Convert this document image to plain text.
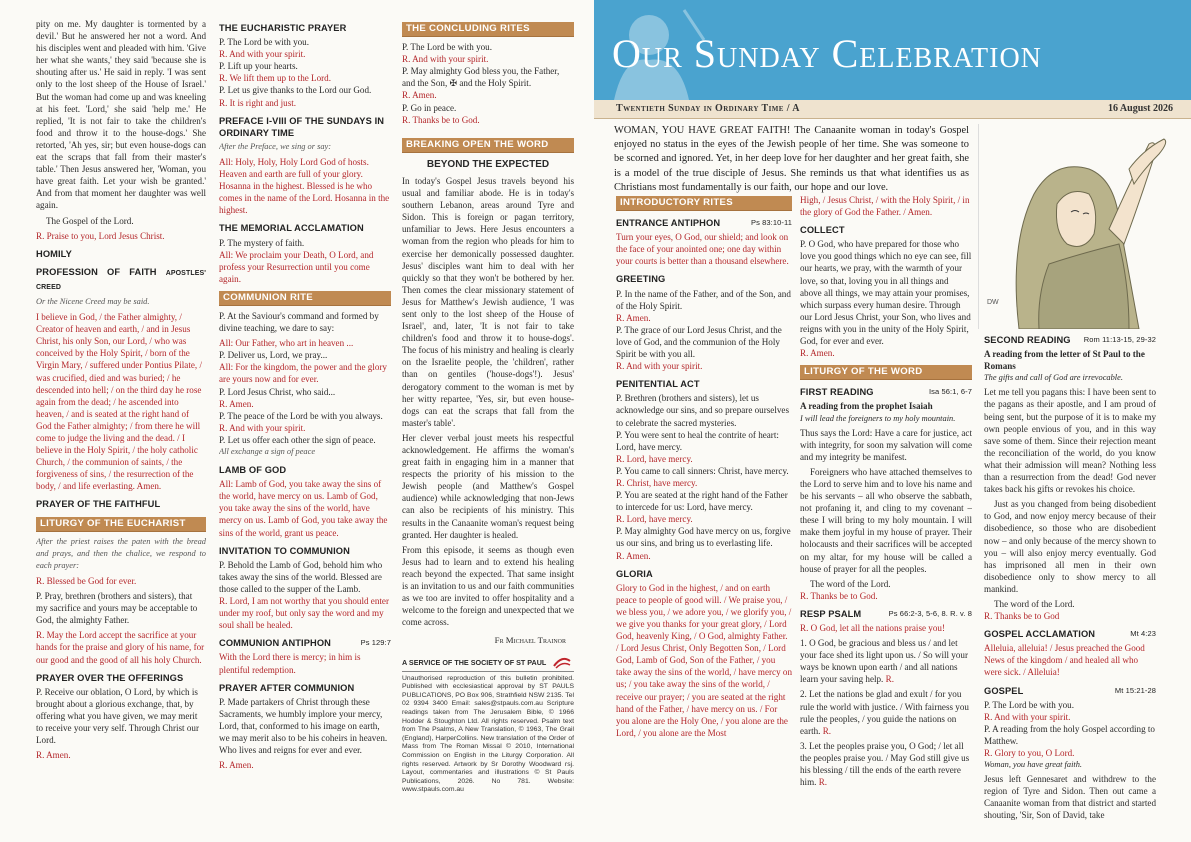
pity on me. My daughter is tormented by a devil.' But he answered her not a word. And his disciples went and pleaded with him. 'Give her what she wants,' they said 'because she is shouting after us.' He said in reply. 'I was sent only to the lost sheep of the House of Israel.' But the woman had come up and was kneeling at his feet. 'Lord,' she said 'help me.' He replied, 'It is not fair to take the children's food and throw it to the house-dogs.' She retorted, 'Ah yes, sir; but even house-dogs can eat the scraps that fall from their master's table.' Then Jesus answered her, 'Woman, you have great faith. Let your wish be granted.' And from that moment her daughter was well again.

The Gospel of the Lord.

R. Praise to you, Lord Jesus Christ.

HOMILY
PROFESSION OF FAITH APOSTLES' CREED

Or the Nicene Creed may be said.

I believe in God, / the Father almighty, / Creator of heaven and earth, / and in Jesus Christ, his only Son, our Lord, / who was conceived by the Holy Spirit, / born of the Virgin Mary, / suffered under Pontius Pilate, / was crucified, died and was buried; / he descended into hell; / on the third day he rose again from the dead; / he ascended into heaven, / and is seated at the right hand of God the Father almighty; / from there he will come to judge the living and the dead. / I believe in the Holy Spirit, / the holy catholic Church, / the communion of saints, / the forgiveness of sins, / the resurrection of the body, / and life everlasting. Amen.

PRAYER OF THE FAITHFUL
LITURGY OF THE EUCHARIST

After the priest raises the paten with the bread and prays, and then the chalice, we respond to each prayer:

R. Blessed be God for ever.

P. Pray, brethren (brothers and sisters), that my sacrifice and yours may be acceptable to God, the almighty Father.

R. May the Lord accept the sacrifice at your hands for the praise and glory of his name, for our good and the good of all his holy Church.

PRAYER OVER THE OFFERINGS

P. Receive our oblation, O Lord, by which is brought about a glorious exchange, that, by offering what you have given, we may merit to receive your very self. Through Christ our Lord.

R. Amen.

THE EUCHARISTIC PRAYER

P. The Lord be with you.

R. And with your spirit.

P. Lift up your hearts.

R. We lift them up to the Lord.

P. Let us give thanks to the Lord our God.

R. It is right and just.

PREFACE I-VIII OF THE SUNDAYS IN ORDINARY TIME

After the Preface, we sing or say:

All: Holy, Holy, Holy Lord God of hosts. Heaven and earth are full of your glory. Hosanna in the highest. Blessed is he who comes in the name of the Lord. Hosanna in the highest.

THE MEMORIAL ACCLAMATION

P. The mystery of faith.

All: We proclaim your Death, O Lord, and profess your Resurrection until you come again.

COMMUNION RITE

P. At the Saviour's command and formed by divine teaching, we dare to say:

All: Our Father, who art in heaven ...

P. Deliver us, Lord, we pray...

All: For the kingdom, the power and the glory are yours now and for ever.

P. Lord Jesus Christ, who said...

R. Amen.

P. The peace of the Lord be with you always.

R. And with your spirit.

P. Let us offer each other the sign of peace.

All exchange a sign of peace

LAMB OF GOD

All: Lamb of God, you take away the sins of the world, have mercy on us. Lamb of God, you take away the sins of the world, have mercy on us. Lamb of God, you take away the sins of the world, grant us peace.

INVITATION TO COMMUNION

P. Behold the Lamb of God, behold him who takes away the sins of the world. Blessed are those called to the supper of the Lamb.

R. Lord, I am not worthy that you should enter under my roof, but only say the word and my soul shall be healed.

Ps 129:7
COMMUNION ANTIPHON

With the Lord there is mercy; in him is plentiful redemption.

PRAYER AFTER COMMUNION

P. Made partakers of Christ through these Sacraments, we humbly implore your mercy, Lord, that, conformed to his image on earth, we may merit also to be his coheirs in heaven. Who lives and reigns for ever and ever.

R. Amen.

THE CONCLUDING RITES

P. The Lord be with you.

R. And with your spirit.

P. May almighty God bless you, the Father, and the Son, ✠ and the Holy Spirit.

R. Amen.

P. Go in peace.

R. Thanks be to God.

BREAKING OPEN THE WORD
BEYOND THE EXPECTED

In today's Gospel Jesus travels beyond his usual and familiar abode. He is in today's southern Lebanon, areas around Tyre and Sidon. This is foreign or pagan territory, unfamiliar to Jews. Here Jesus encounters a woman from the region who pleads for him to exercise her demonically possessed daughter. Jesus' disciples want him to deal with her quickly so that they won't be bothered by her. Then comes the clear missionary statement of Jesus for Matthew's Jewish audience, 'I was sent only to the lost sheep of the House of Israel', and, later, 'It is not fair to take children's food and throw it to house-dogs'. The focus of his ministry and healing is clearly on the Israelite people, the 'children', rather than on gentiles ('house-dogs'!). Jesus' derogatory comment to the woman is met by her witty repartee, 'Yes, sir, but even house-dogs can eat the scraps that fall from the master's table'.

Her clever verbal joust meets his respectful acknowledgement. He affirms the woman's great faith in engaging him in a manner that respects the priority of his mission to the Jewish people (and Matthew's Gospel audience) while acknowledging that non-Jews can also be recipients of his ministry. This results in the Canaanite woman's request being granted. Her daughter is healed.

From this episode, it seems as though even Jesus had to learn and to extend his healing reach beyond the expected. That same insight is an invitation to us and our faith communities as we too are invited to offer hospitality and a welcome to the foreign and unexpected that we come across.

Fr Michael Trainor
A SERVICE OF THE SOCIETY OF ST PAUL
Unauthorised reproduction of this bulletin prohibited. Published with ecclesiastical approval by ST PAULS PUBLICATIONS, PO Box 906, Strathfield NSW 2135. Tel 02 9394 3400 Email: sales@stpauls.com.au Scripture readings taken from The Jerusalem Bible, © 1966 Hodder & Stoughton Ltd. All rights reserved. Psalm text from The Psalms, A New Translation, © 1963, The Grail (England), HarperCollins. New translation of the Order of Mass from The Roman Missal © 2010, International Commission on English in the Liturgy Corporation. All rights reserved. Artwork by Sr Dorothy Woodward rsj. Layout, commentaries and illustrations © St Pauls Publications, 2026. No 781. Website: www.stpauls.com.au
Our Sunday Celebration
Twentieth Sunday in Ordinary Time / A	16 August 2026
WOMAN, YOU HAVE GREAT FAITH! The Canaanite woman in today's Gospel enjoyed no status in the eyes of the Jewish people of her time. She was someone to be scorned and ignored. Yet, in her deep love for her daughter and her great faith, she is a model of the true disciple of Jesus. She reminds us that what identifies us as Christians most fundamentally is our faith, our hope and our love.
DW
INTRODUCTORY RITES
Ps 83:10-11
ENTRANCE ANTIPHON

Turn your eyes, O God, our shield; and look on the face of your anointed one; one day within your courts is better than a thousand elsewhere.

GREETING

P. In the name of the Father, and of the Son, and of the Holy Spirit.

R. Amen.

P. The grace of our Lord Jesus Christ, and the love of God, and the communion of the Holy Spirit be with you all.

R. And with your spirit.

PENITENTIAL ACT

P. Brethren (brothers and sisters), let us acknowledge our sins, and so prepare ourselves to celebrate the sacred mysteries.

P. You were sent to heal the contrite of heart: Lord, have mercy.

R. Lord, have mercy.

P. You came to call sinners: Christ, have mercy.

R. Christ, have mercy.

P. You are seated at the right hand of the Father to intercede for us: Lord, have mercy.

R. Lord, have mercy.

P. May almighty God have mercy on us, forgive us our sins, and bring us to everlasting life.

R. Amen.

GLORIA

Glory to God in the highest, / and on earth peace to people of good will. / We praise you, / we bless you, / we adore you, / we glorify you, / we give you thanks for your great glory, / Lord God, heavenly King, / O God, almighty Father. / Lord Jesus Christ, Only Begotten Son, / Lord God, Lamb of God, Son of the Father, / you take away the sins of the world, / have mercy on us; / you take away the sins of the world, / receive our prayer; / you are seated at the right hand of the Father, / have mercy on us. / For you alone are the Holy One, / you alone are the Lord, / you alone are the Most

High, / Jesus Christ, / with the Holy Spirit, / in the glory of God the Father. / Amen.

COLLECT

P. O God, who have prepared for those who love you good things which no eye can see, fill our hearts, we pray, with the warmth of your love, so that, loving you in all things and above all things, we may attain your promises, which surpass every human desire. Through our Lord Jesus Christ, your Son, who lives and reigns with you in the unity of the Holy Spirit, God, for ever and ever.

R. Amen.

LITURGY OF THE WORD
Isa 56:1, 6-7
FIRST READING

A reading from the prophet Isaiah

I will lead the foreigners to my holy mountain.

Thus says the Lord: Have a care for justice, act with integrity, for soon my salvation will come and my integrity be manifest.

Foreigners who have attached themselves to the Lord to serve him and to love his name and be his servants – all who observe the sabbath, not profaning it, and cling to my covenant – these I will bring to my holy mountain. I will make them joyful in my house of prayer. Their holocausts and their sacrifices will be accepted on my altar, for my house will be called a house of prayer for all the peoples.

The word of the Lord.

R. Thanks be to God.

Ps 66:2-3, 5-6, 8. R. v. 8
RESP PSALM

R. O God, let all the nations praise you!

1. O God, be gracious and bless us / and let your face shed its light upon us. / So will your ways be known upon earth / and all nations learn your saving help. R.

2. Let the nations be glad and exult / for you rule the world with justice. / With fairness you rule the peoples, / you guide the nations on earth. R.

3. Let the peoples praise you, O God; / let all the peoples praise you. / May God still give us his blessing / till the ends of the earth revere him. R.

Rom 11:13-15, 29-32
SECOND READING

A reading from the letter of St Paul to the Romans

The gifts and call of God are irrevocable.

Let me tell you pagans this: I have been sent to the pagans as their apostle, and I am proud of being sent, but the purpose of it is to make my own people envious of you, and in this way save some of them. Since their rejection meant the reconciliation of the world, do you know what their admission will mean? Nothing less than a resurrection from the dead! God never takes back his gifts or revokes his choice.

Just as you changed from being disobedient to God, and now enjoy mercy because of their disobedience, so those who are disobedient now – and only because of the mercy shown to you – will also enjoy mercy eventually. God has imprisoned all men in their own disobedience only to show mercy to all mankind.

The word of the Lord.

R. Thanks be to God

Mt 4:23
GOSPEL ACCLAMATION

Alleluia, alleluia! / Jesus preached the Good News of the kingdom / and healed all who were sick. / Alleluia!

Mt 15:21-28
GOSPEL

P. The Lord be with you.

R. And with your spirit.

P. A reading from the holy Gospel according to Matthew.

R. Glory to you, O Lord.

Woman, you have great faith.

Jesus left Gennesaret and withdrew to the region of Tyre and Sidon. Then out came a Canaanite woman from that district and started shouting, 'Sir, Son of David, take
